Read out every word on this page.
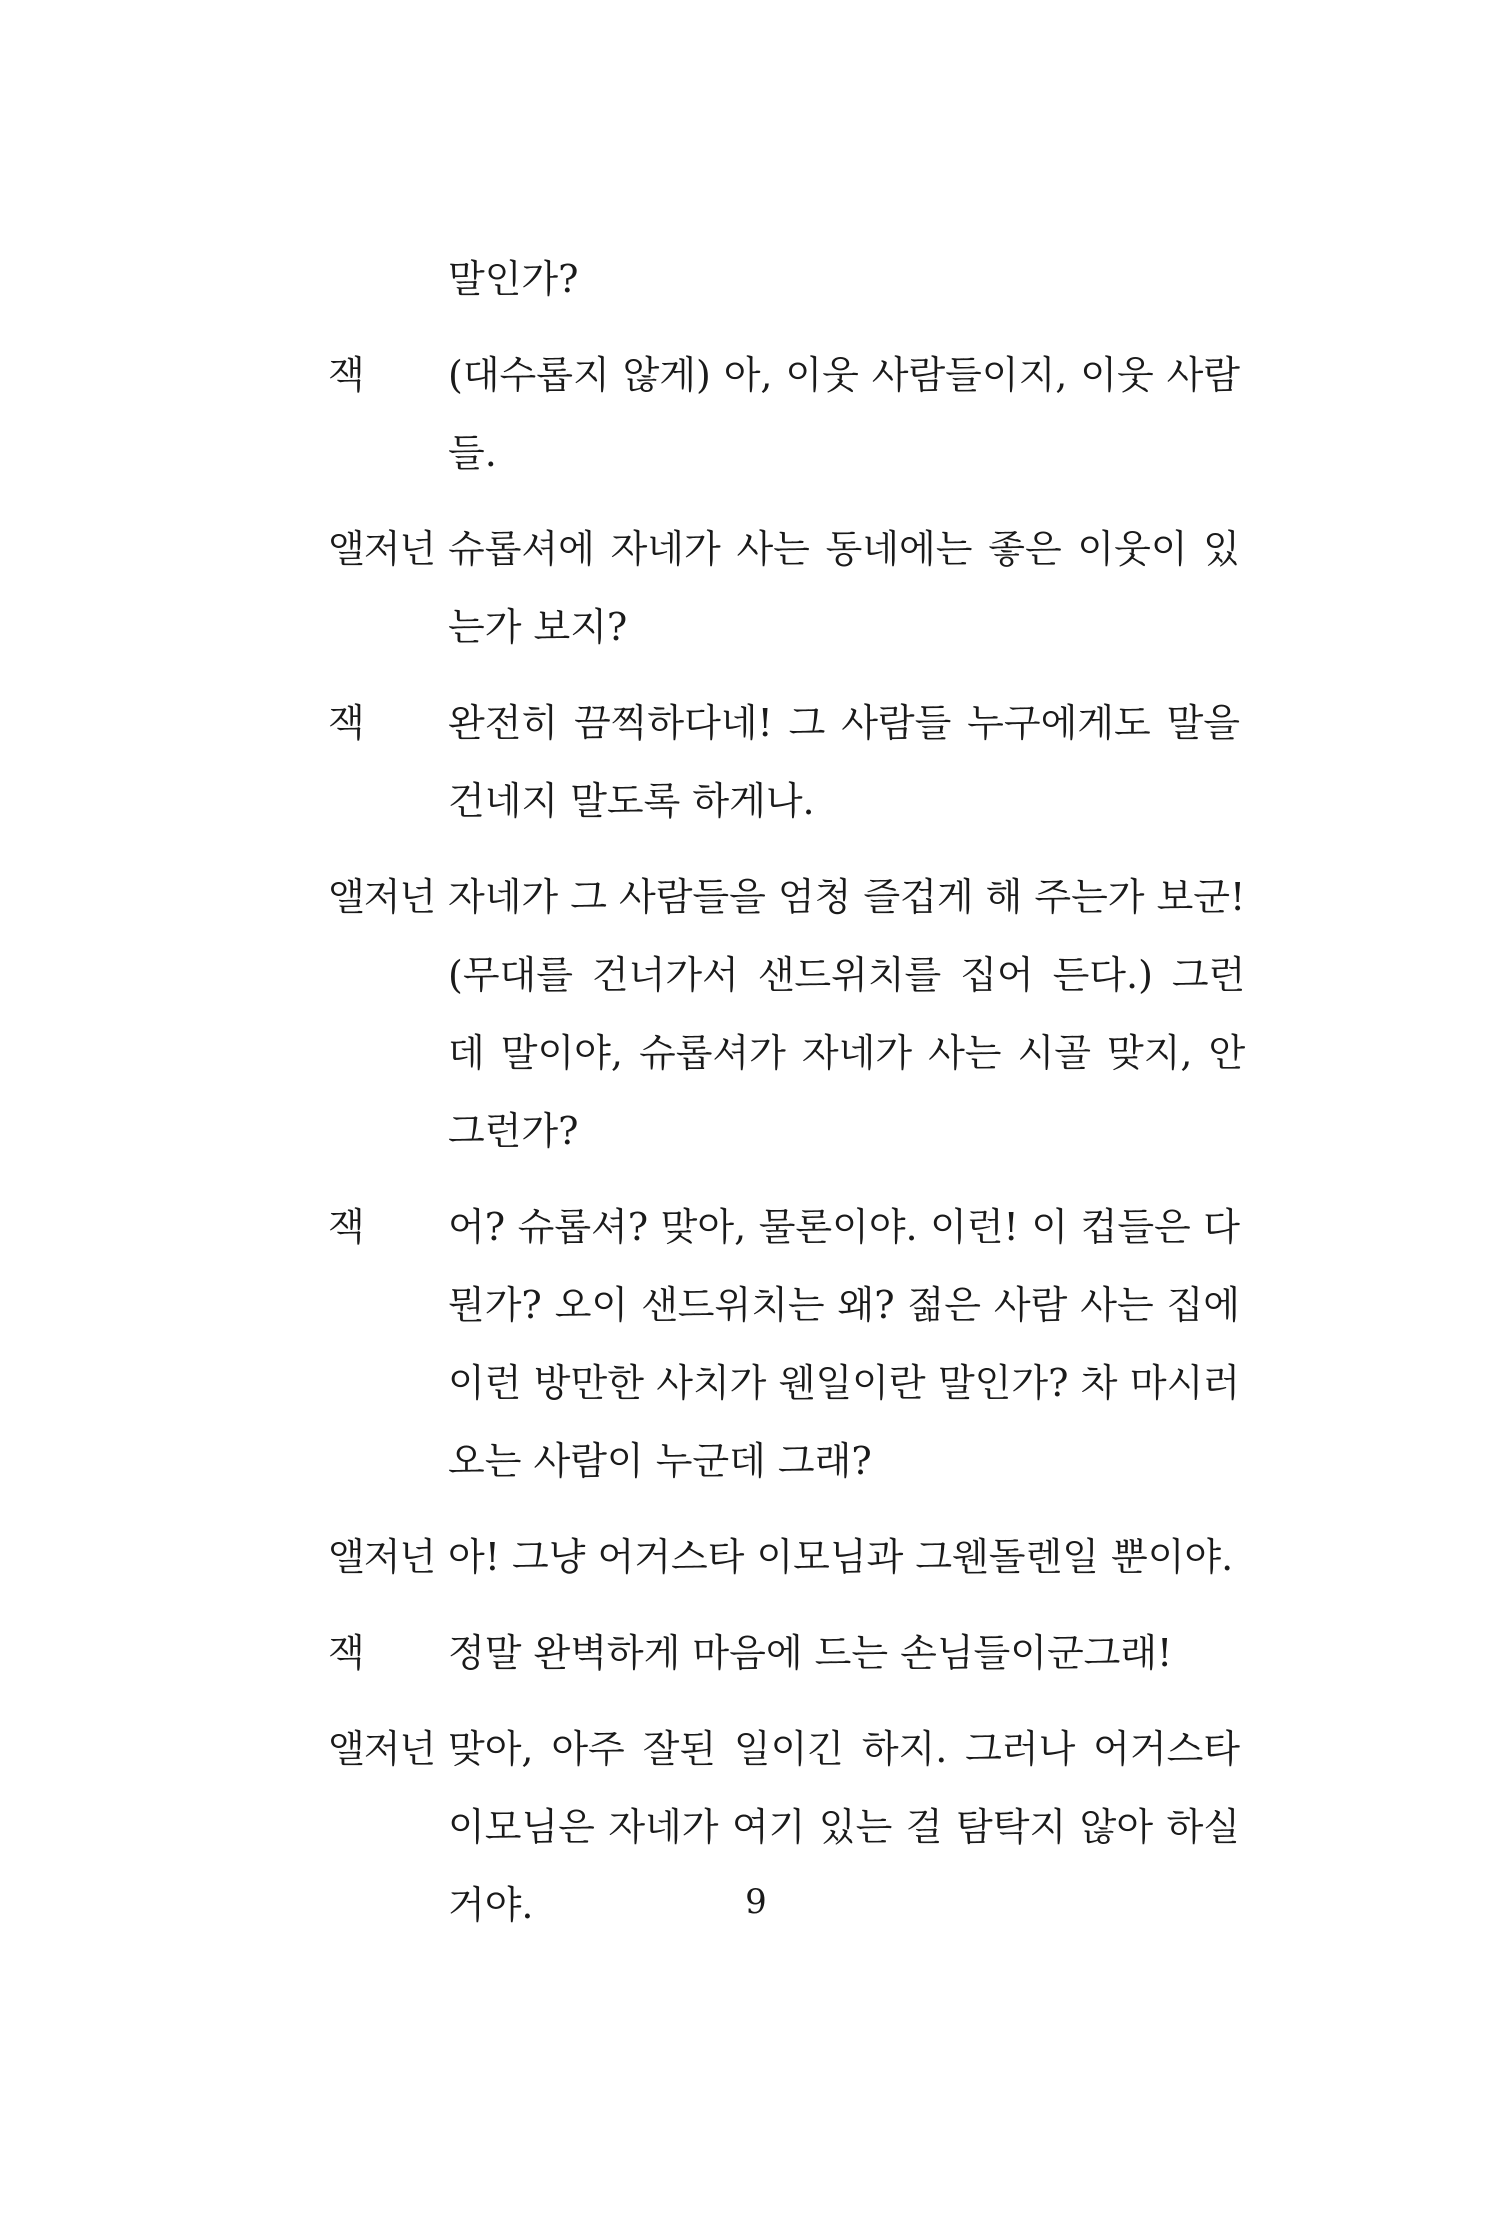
말인가?
잭	(대수롭지 않게) 아, 이웃 사람들이지, 이웃 사람
들.
앨저넌 슈롭셔에 자네가 사는 동네에는 좋은 이웃이 있
는가 보지?
잭	완전히 끔찍하다네! 그 사람들 누구에게도 말을
건네지 말도록 하게나.
앨저넌 자네가 그 사람들을 엄청 즐겁게 해 주는가 보군!
(무대를 건너가서 샌드위치를 집어 든다.) 그런
데 말이야, 슈롭셔가 자네가 사는 시골 맞지, 안
그런가?
잭	어? 슈롭셔? 맞아, 물론이야. 이런! 이 컵들은 다
뭔가? 오이 샌드위치는 왜? 젊은 사람 사는 집에
이런 방만한 사치가 웬일이란 말인가? 차 마시러
오는 사람이 누군데 그래?
앨저넌 아! 그냥 어거스타 이모님과 그웬돌렌일 뿐이야.
잭	정말 완벽하게 마음에 드는 손님들이군그래!
앨저넌 맞아, 아주 잘된 일이긴 하지. 그러나 어거스타
이모님은 자네가 여기 있는 걸 탐탁지 않아 하실
거야.	9
